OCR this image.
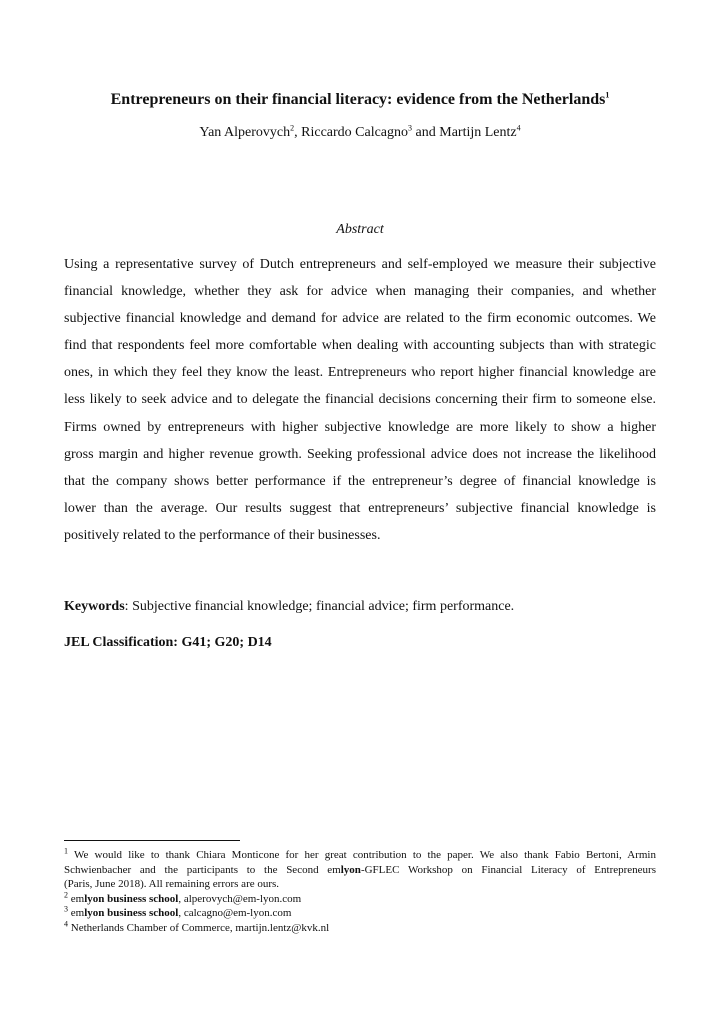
Entrepreneurs on their financial literacy: evidence from the Netherlands$^1$
Yan Alperovych$^2$, Riccardo Calcagno$^3$ and Martijn Lentz$^4$
Abstract
Using a representative survey of Dutch entrepreneurs and self-employed we measure their subjective
financial knowledge, whether they ask for advice when managing their companies, and whether
subjective financial knowledge and demand for advice are related to the firm economic outcomes. We
find that respondents feel more comfortable when dealing with accounting subjects than with strategic
ones, in which they feel they know the least. Entrepreneurs who report higher financial knowledge are
less likely to seek advice and to delegate the financial decisions concerning their firm to someone else.
Firms owned by entrepreneurs with higher subjective knowledge are more likely to show a higher
gross margin and higher revenue growth. Seeking professional advice does not increase the likelihood
that the company shows better performance if the entrepreneur’s degree of financial knowledge is
lower than the average. Our results suggest that entrepreneurs’ subjective financial knowledge is
positively related to the performance of their businesses.
Keywords: Subjective financial knowledge; financial advice; firm performance.
JEL Classification: G41; G20; D14
$^1$ We would like to thank Chiara Monticone for her great contribution to the paper. We also thank Fabio Bertoni, Armin
Schwienbacher and the participants to the Second emlyon-GFLEC Workshop on Financial Literacy of Entrepreneurs
(Paris, June 2018). All remaining errors are ours.
$^2$ emlyon business school, alperovych@em-lyon.com
$^3$ emlyon business school, calcagno@em-lyon.com
$^4$ Netherlands Chamber of Commerce, martijn.lentz@kvk.nl
